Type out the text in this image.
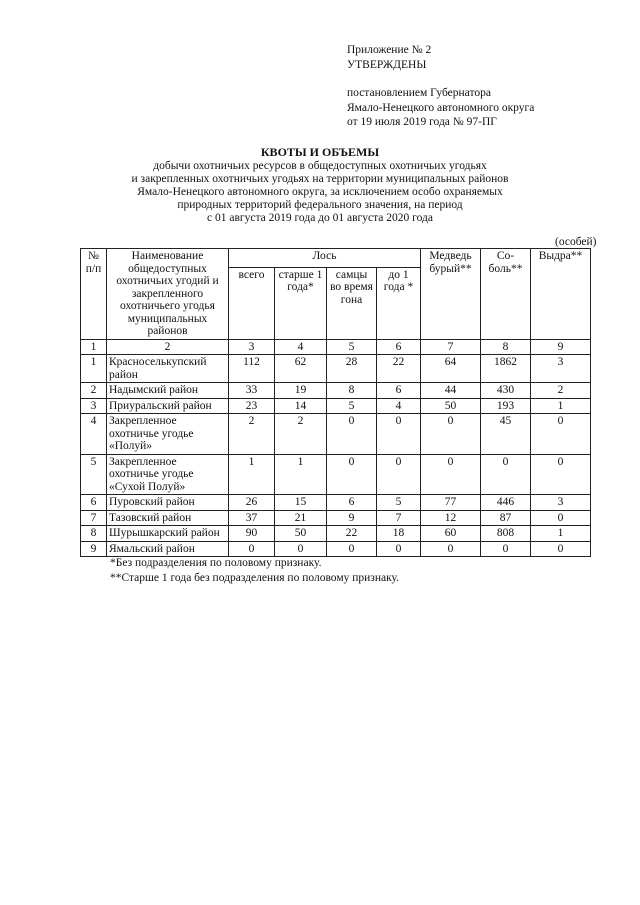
Приложение № 2
УТВЕРЖДЕНЫ
постановлением Губернатора
Ямало-Ненецкого автономного округа
от 19 июля 2019 года № 97-ПГ
КВОТЫ И ОБЪЕМЫ
добычи охотничьих ресурсов в общедоступных охотничьих угодьях
и закрепленных охотничьих угодьях на территории муниципальных районов
Ямало-Ненецкого автономного округа, за исключением особо охраняемых
природных территорий федерального значения, на период
с 01 августа 2019 года до 01 августа 2020 года
(особей)
№ п/п	Наименование общедоступных охотничьих угодий и закрепленного охотничьего угодья муниципальных районов	Лось				Медведь бурый**	Со-боль**	Выдра**
		всего	старше 1 года*	самцы во время гона	до 1 года *			
1	2	3	4	5	6	7	8	9
1	Красноселькупский район	112	62	28	22	64	1862	3
2	Надымский район	33	19	8	6	44	430	2
3	Приуральский район	23	14	5	4	50	193	1
4	Закрепленное охотничье угодье «Полуй»	2	2	0	0	0	45	0
5	Закрепленное охотничье угодье «Сухой Полуй»	1	1	0	0	0	0	0
6	Пуровский район	26	15	6	5	77	446	3
7	Тазовский район	37	21	9	7	12	87	0
8	Шурышкарский район	90	50	22	18	60	808	1
9	Ямальский район	0	0	0	0	0	0	0
*Без подразделения по половому признаку.
**Старше 1 года без подразделения по половому признаку.
